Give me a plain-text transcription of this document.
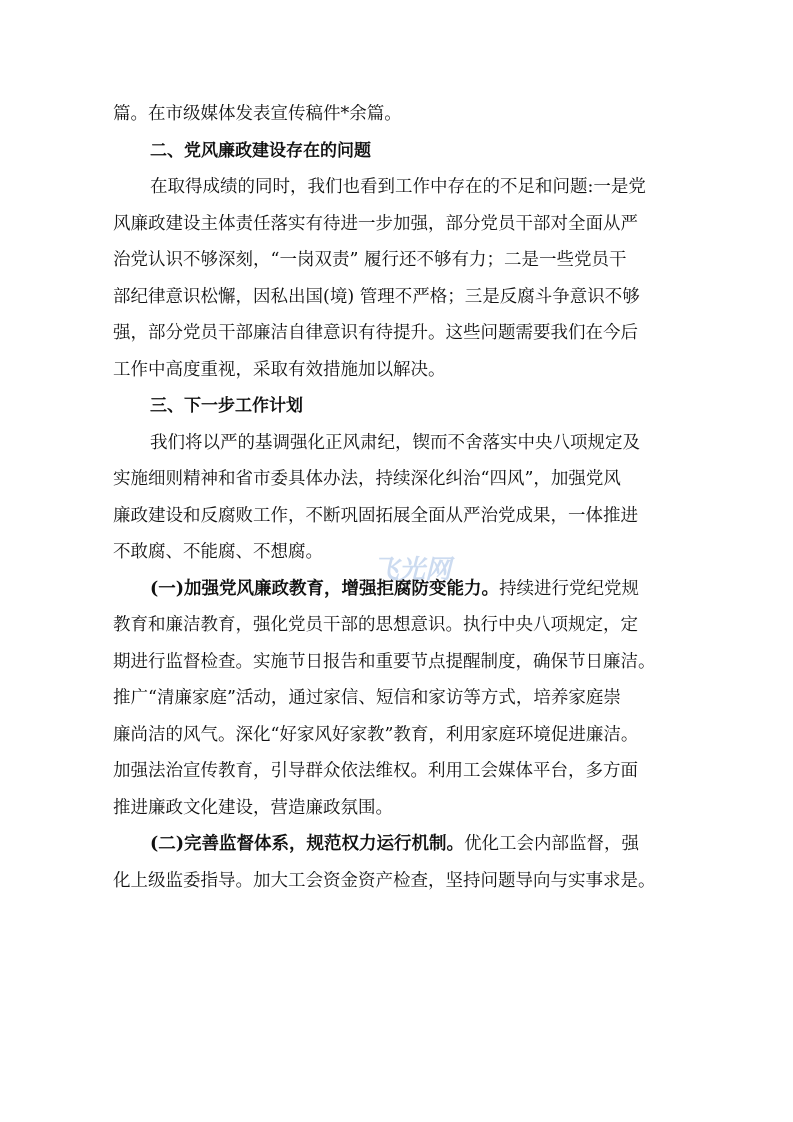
篇。在市级媒体发表宣传稿件*余篇。

二、党风廉政建设存在的问题

在取得成绩的同时，我们也看到工作中存在的不足和问题:一是党
风廉政建设主体责任落实有待进一步加强，部分党员干部对全面从严
治党认识不够深刻，“一岗双责” 履行还不够有力；二是一些党员干
部纪律意识松懈，因私出国(境) 管理不严格；三是反腐斗争意识不够
强，部分党员干部廉洁自律意识有待提升。这些问题需要我们在今后
工作中高度重视，采取有效措施加以解决。

三、下一步工作计划

我们将以严的基调强化正风肃纪，锲而不舍落实中央八项规定及
实施细则精神和省市委具体办法，持续深化纠治“四风”，加强党风
廉政建设和反腐败工作，不断巩固拓展全面从严治党成果，一体推进
不敢腐、不能腐、不想腐。

(一)加强党风廉政教育，增强拒腐防变能力。持续进行党纪党规
教育和廉洁教育，强化党员干部的思想意识。执行中央八项规定，定
期进行监督检查。实施节日报告和重要节点提醒制度，确保节日廉洁。
推广“清廉家庭”活动，通过家信、短信和家访等方式，培养家庭崇
廉尚洁的风气。深化“好家风好家教”教育，利用家庭环境促进廉洁。
加强法治宣传教育，引导群众依法维权。利用工会媒体平台，多方面
推进廉政文化建设，营造廉政氛围。

(二)完善监督体系，规范权力运行机制。优化工会内部监督，强
化上级监委指导。加大工会资金资产检查，坚持问题导向与实事求是。

飞光网
